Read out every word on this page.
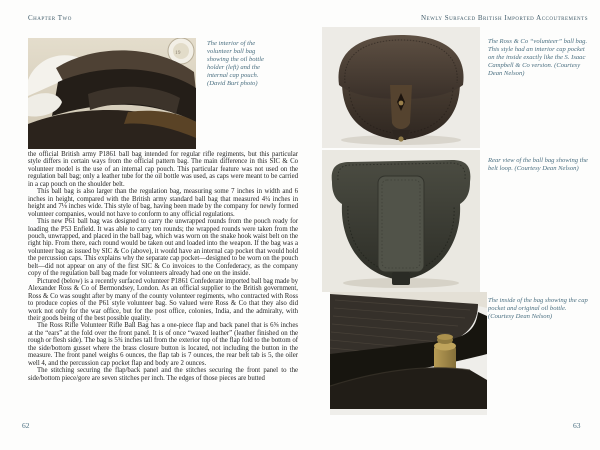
Chapter Two
19
The interior of the volunteer ball bag showing the oil bottle holder (left) and the internal cap pouch. (David Burt photo)

the official British army P1861 ball bag intended for regular rifle regiments, but this particular style differs in certain ways from the official pattern bag. The main difference in this SIC & Co volunteer model is the use of an internal cap pouch. This particular feature was not used on the regulation ball bag; only a leather tube for the oil bottle was used, as caps were meant to be carried in a cap pouch on the shoulder belt.

This ball bag is also larger than the regulation bag, measuring some 7 inches in width and 6 inches in height, compared with the British army standard ball bag that measured 4¼ inches in height and 7⅛ inches wide. This style of bag, having been made by the company for newly formed volunteer companies, would not have to conform to any official regulations.

This new P61 ball bag was designed to carry the unwrapped rounds from the pouch ready for loading the P53 Enfield. It was able to carry ten rounds; the wrapped rounds were taken from the pouch, unwrapped, and placed in the ball bag, which was worn on the snake hook waist belt on the right hip. From there, each round would be taken out and loaded into the weapon. If the bag was a volunteer bag as issued by SIC & Co (above), it would have an internal cap pocket that would hold the percussion caps. This explains why the separate cap pocket—designed to be worn on the pouch belt—did not appear on any of the first SIC & Co invoices to the Confederacy, as the company copy of the regulation ball bag made for volunteers already had one on the inside.

Pictured (below) is a recently surfaced volunteer P1861 Confederate imported ball bag made by Alexander Ross & Co of Bermondsey, London. As an official supplier to the British government, Ross & Co was sought after by many of the county volunteer regiments, who contracted with Ross to produce copies of the P61 style volunteer bag. So valued were Ross & Co that they also did work not only for the war office, but for the post office, colonies, India, and the admiralty, with their goods being of the best possible quality.

The Ross Rifle Volunteer Rifle Ball Bag has a one-piece flap and back panel that is 6⅝ inches at the “ears” at the fold over the front panel. It is of once “waxed leather” (leather finished on the rough or flesh side). The bag is 5¾ inches tall from the exterior top of the flap fold to the bottom of the side/bottom gusset where the brass closure button is located, not including the button in the measure. The front panel weighs 6 ounces, the flap tab is 7 ounces, the rear belt tab is 5, the oiler well 4, and the percussion cap pocket flap and body are 2 ounces.

The stitching securing the flap/back panel and the stitches securing the front panel to the side/bottom piece/gore are seven stitches per inch. The edges of those pieces are butted

62
Newly Surfaced British Imported Accoutrements
The Ross & Co “volunteer” ball bag. This style had an interior cap pocket on the inside exactly like the S. Isaac Campbell & Co version. (Courtesy Dean Nelson)
Rear view of the ball bag showing the belt loop. (Courtesy Dean Nelson)
The inside of the bag showing the cap pocket and original oil bottle. (Courtesy Dean Nelson)
63
